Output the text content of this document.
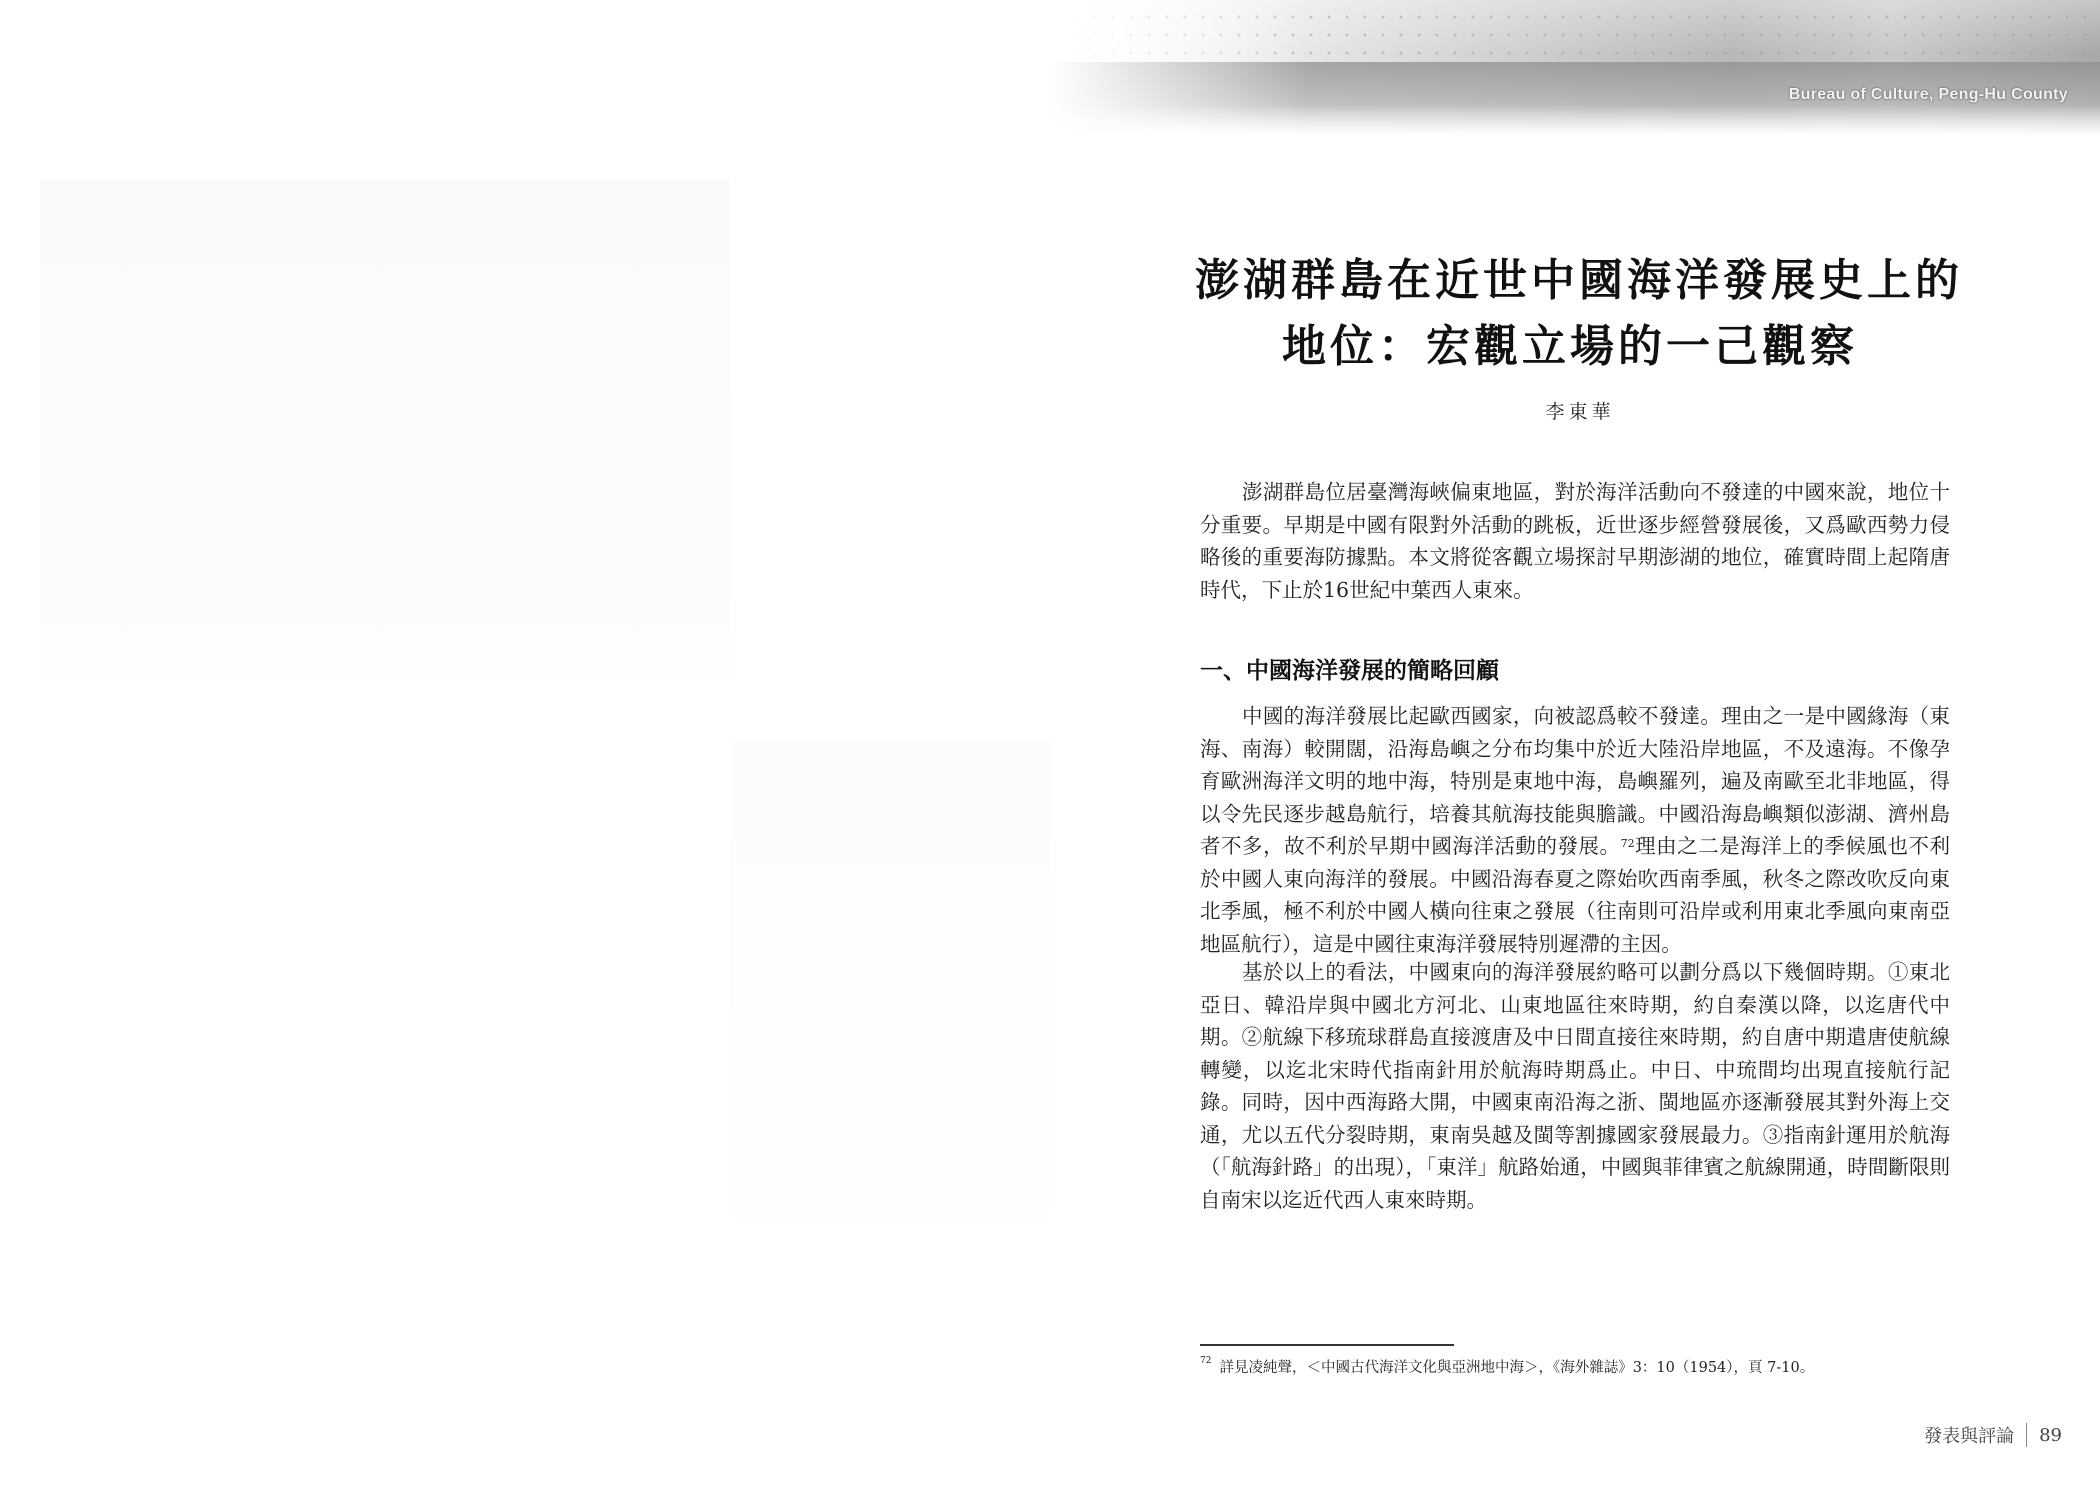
Bureau of Culture, Peng-Hu County
澎湖群島在近世中國海洋發展史上的
地位：宏觀立場的一己觀察
李東華

澎湖群島位居臺灣海峽偏東地區，對於海洋活動向不發達的中國來說，地位十分重要。早期是中國有限對外活動的跳板，近世逐步經營發展後，又爲歐西勢力侵略後的重要海防據點。本文將從客觀立場探討早期澎湖的地位，確實時間上起隋唐時代，下止於16世紀中葉西人東來。

一、中國海洋發展的簡略回顧

中國的海洋發展比起歐西國家，向被認爲較不發達。理由之一是中國緣海（東海、南海）較開闊，沿海島嶼之分布均集中於近大陸沿岸地區，不及遠海。不像孕育歐洲海洋文明的地中海，特別是東地中海，島嶼羅列，遍及南歐至北非地區，得以令先民逐步越島航行，培養其航海技能與膽識。中國沿海島嶼類似澎湖、濟州島者不多，故不利於早期中國海洋活動的發展。$^{72}$理由之二是海洋上的季候風也不利於中國人東向海洋的發展。中國沿海春夏之際始吹西南季風，秋冬之際改吹反向東北季風，極不利於中國人橫向往東之發展（往南則可沿岸或利用東北季風向東南亞地區航行），這是中國往東海洋發展特別遲滯的主因。

基於以上的看法，中國東向的海洋發展約略可以劃分爲以下幾個時期。①東北亞日、韓沿岸與中國北方河北、山東地區往來時期，約自秦漢以降，以迄唐代中期。②航線下移琉球群島直接渡唐及中日間直接往來時期，約自唐中期遣唐使航線轉變，以迄北宋時代指南針用於航海時期爲止。中日、中琉間均出現直接航行記錄。同時，因中西海路大開，中國東南沿海之浙、閩地區亦逐漸發展其對外海上交通，尤以五代分裂時期，東南吳越及閩等割據國家發展最力。③指南針運用於航海（「航海針路」的出現），「東洋」航路始通，中國與菲律賓之航線開通，時間斷限則自南宋以迄近代西人東來時期。

$^{72}$ 詳見凌純聲，＜中國古代海洋文化與亞洲地中海＞，《海外雜誌》3：10（1954），頁 7-10。
發表與評論 89
